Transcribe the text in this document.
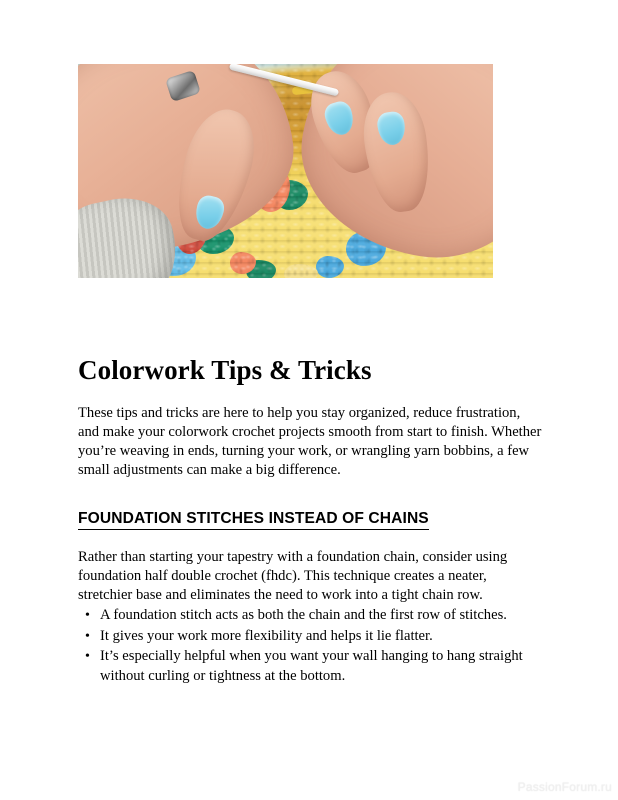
Colorwork Tips & Tricks

These tips and tricks are here to help you stay organized, reduce frustration, and make your colorwork crochet projects smooth from start to finish. Whether you’re weaving in ends, turning your work, or wrangling yarn bobbins, a few small adjustments can make a big difference.

FOUNDATION STITCHES INSTEAD OF CHAINS

Rather than starting your tapestry with a foundation chain, consider using foundation half double crochet (fhdc). This technique creates a neater, stretchier base and eliminates the need to work into a tight chain row.

• A foundation stitch acts as both the chain and the first row of stitches.
• It gives your work more flexibility and helps it lie flatter.
• It’s especially helpful when you want your wall hanging to hang straight without curling or tightness at the bottom.
PassionForum.ru
